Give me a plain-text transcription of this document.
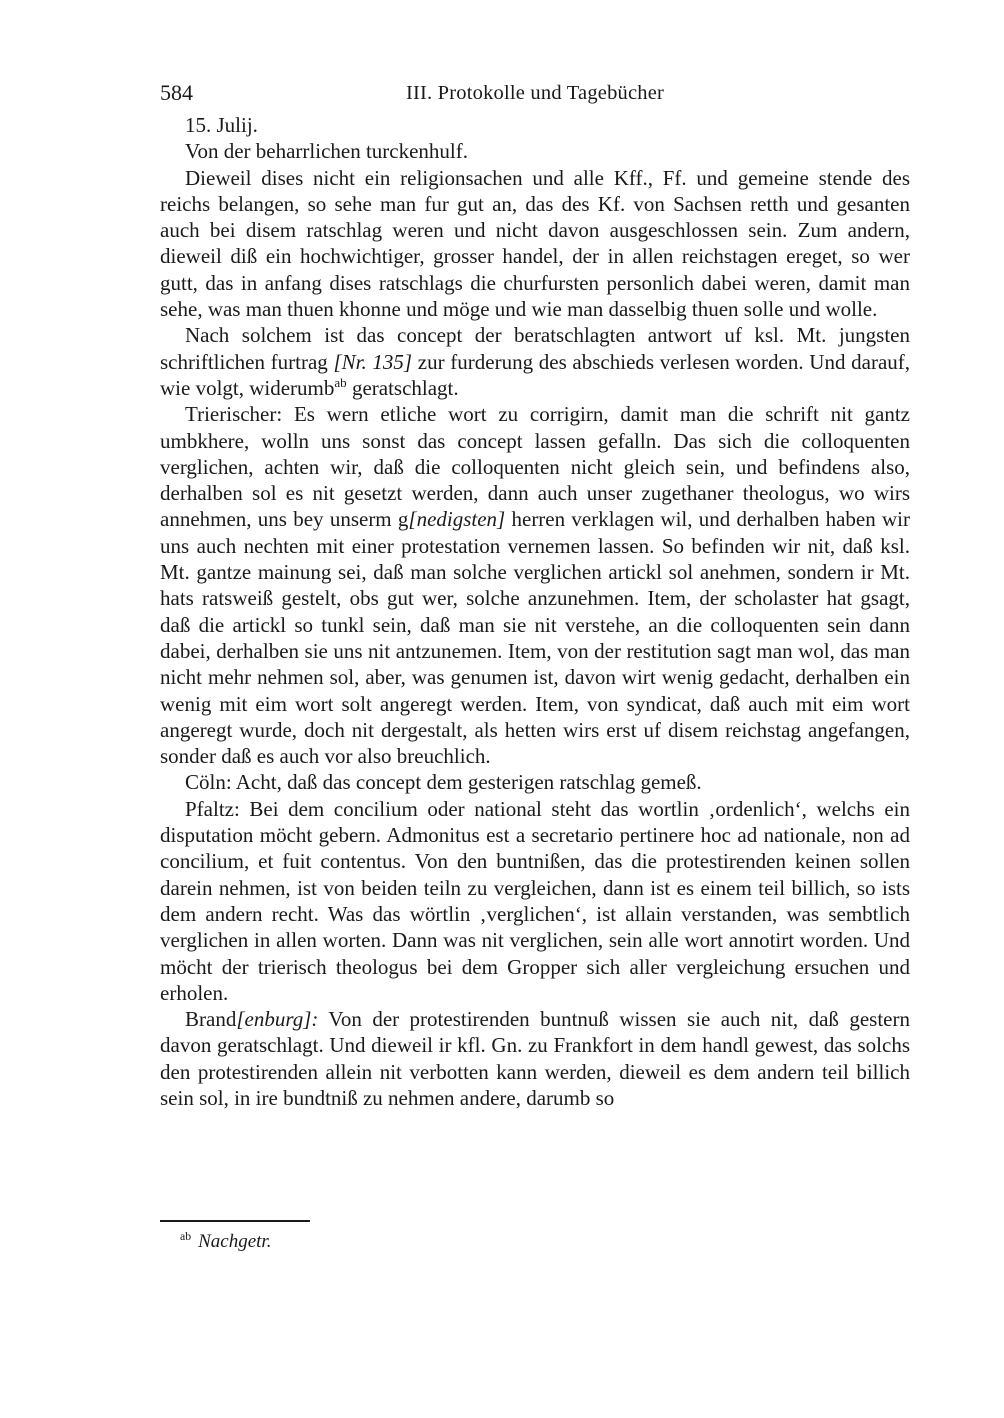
III. Protokolle und Tagebücher
584

15. Julij.

Von der beharrlichen turckenhulf.

Dieweil dises nicht ein religionsachen und alle Kff., Ff. und gemeine stende des reichs belangen, so sehe man fur gut an, das des Kf. von Sachsen retth und gesanten auch bei disem ratschlag weren und nicht davon ausgeschlossen sein. Zum andern, dieweil diß ein hochwichtiger, grosser handel, der in allen reichstagen ereget, so wer gutt, das in anfang dises ratschlags die churfursten personlich dabei weren, damit man sehe, was man thuen khonne und möge und wie man dasselbig thuen solle und wolle.

Nach solchem ist das concept der beratschlagten antwort uf ksl. Mt. jungsten schriftlichen furtrag [Nr. 135] zur furderung des abschieds verlesen worden. Und darauf, wie volgt, widerumb$^{ab}$ geratschlagt.

Trierischer: Es wern etliche wort zu corrigirn, damit man die schrift nit gantz umbkhere, wolln uns sonst das concept lassen gefalln. Das sich die colloquenten verglichen, achten wir, daß die colloquenten nicht gleich sein, und befindens also, derhalben sol es nit gesetzt werden, dann auch unser zugethaner theologus, wo wirs annehmen, uns bey unserm g[nedigsten] herren verklagen wil, und derhalben haben wir uns auch nechten mit einer protestation vernemen lassen. So befinden wir nit, daß ksl. Mt. gantze mainung sei, daß man solche verglichen artickl sol anehmen, sondern ir Mt. hats ratsweiß gestelt, obs gut wer, solche anzunehmen. Item, der scholaster hat gsagt, daß die artickl so tunkl sein, daß man sie nit verstehe, an die colloquenten sein dann dabei, derhalben sie uns nit antzunemen. Item, von der restitution sagt man wol, das man nicht mehr nehmen sol, aber, was genumen ist, davon wirt wenig gedacht, derhalben ein wenig mit eim wort solt angeregt werden. Item, von syndicat, daß auch mit eim wort angeregt wurde, doch nit dergestalt, als hetten wirs erst uf disem reichstag angefangen, sonder daß es auch vor also breuchlich.

Cöln: Acht, daß das concept dem gesterigen ratschlag gemeß.

Pfaltz: Bei dem concilium oder national steht das wortlin ‚ordenlich‘, welchs ein disputation möcht gebern. Admonitus est a secretario pertinere hoc ad nationale, non ad concilium, et fuit contentus. Von den buntnißen, das die protestirenden keinen sollen darein nehmen, ist von beiden teiln zu vergleichen, dann ist es einem teil billich, so ists dem andern recht. Was das wörtlin ‚verglichen‘, ist allain verstanden, was sembtlich verglichen in allen worten. Dann was nit verglichen, sein alle wort annotirt worden. Und möcht der trierisch theologus bei dem Gropper sich aller vergleichung ersuchen und erholen.

Brand[enburg]: Von der protestirenden buntnuß wissen sie auch nit, daß gestern davon geratschlagt. Und dieweil ir kfl. Gn. zu Frankfort in dem handl gewest, das solchs den protestirenden allein nit verbotten kann werden, dieweil es dem andern teil billich sein sol, in ire bundtniß zu nehmen andere, darumb so

$^{ab}$ Nachgetr.
